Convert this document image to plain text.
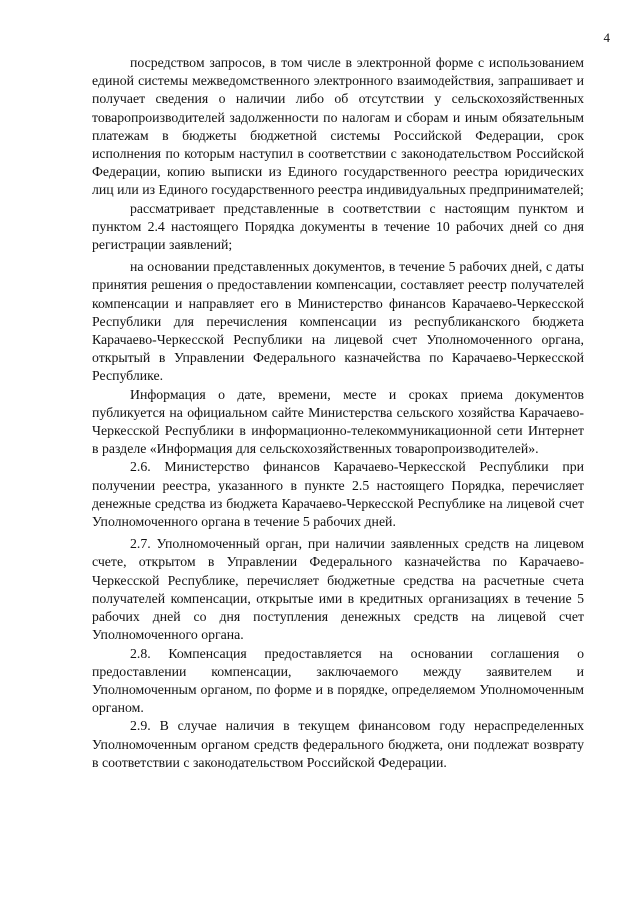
4

посредством запросов, в том числе в электронной форме с использованием единой системы межведомственного электронного взаимодействия, запрашивает и получает сведения о наличии либо об отсутствии у сельскохозяйственных товаропроизводителей задолженности по налогам и сборам и иным обязательным платежам в бюджеты бюджетной системы Российской Федерации, срок исполнения по которым наступил в соответствии с законодательством Российской Федерации, копию выписки из Единого государственного реестра юридических лиц или из Единого государственного реестра индивидуальных предпринимателей;

рассматривает представленные в соответствии с настоящим пунктом и пунктом 2.4 настоящего Порядка документы в течение 10 рабочих дней со дня регистрации заявлений;

на основании представленных документов, в течение 5 рабочих дней, с даты принятия решения о предоставлении компенсации, составляет реестр получателей компенсации и направляет его в Министерство финансов Карачаево-Черкесской Республики для перечисления компенсации из республиканского бюджета Карачаево-Черкесской Республики на лицевой счет Уполномоченного органа, открытый в Управлении Федерального казначейства по Карачаево-Черкесской Республике.

Информация о дате, времени, месте и сроках приема документов публикуется на официальном сайте Министерства сельского хозяйства Карачаево-Черкесской Республики в информационно-телекоммуникационной сети Интернет в разделе «Информация для сельскохозяйственных товаропроизводителей».

2.6. Министерство финансов Карачаево-Черкесской Республики при получении реестра, указанного в пункте 2.5 настоящего Порядка, перечисляет денежные средства из бюджета Карачаево-Черкесской Республике на лицевой счет Уполномоченного органа в течение 5 рабочих дней.

2.7. Уполномоченный орган, при наличии заявленных средств на лицевом счете, открытом в Управлении Федерального казначейства по Карачаево-Черкесской Республике, перечисляет бюджетные средства на расчетные счета получателей компенсации, открытые ими в кредитных организациях в течение 5 рабочих дней со дня поступления денежных средств на лицевой счет Уполномоченного органа.

2.8. Компенсация предоставляется на основании соглашения о предоставлении компенсации, заключаемого между заявителем и Уполномоченным органом, по форме и в порядке, определяемом Уполномоченным органом.

2.9. В случае наличия в текущем финансовом году нераспределенных Уполномоченным органом средств федерального бюджета, они подлежат возврату в соответствии с законодательством Российской Федерации.
